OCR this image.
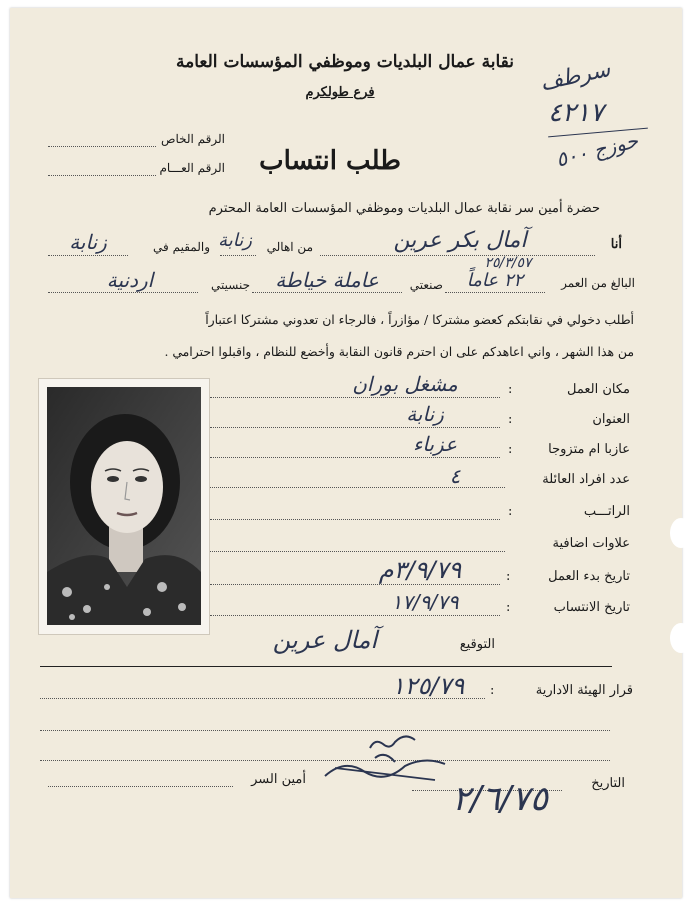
نقابة عمال البلديات وموظفي المؤسسات العامة
فرع طولكرم	سرطف
٤٢١٧
حوزج ٥٠٠
الرقم الخاص
الرقم العـــام طلب انتساب
حضرة أمين سر نقابة عمال البلديات وموظفي المؤسسات العامة المحترم
أنا
آمال بكر عرين
من اهالي
زنابة
والمقيم في
زنابة
البالغ من العمر
٢٥/٣/٥٧
٢٢ عاماً
صنعتي
عاملة خياطة
جنسيتي
اردنية
أطلب دخولي في نقابتكم كعضو مشتركا / مؤازراً ، فالرجاء ان تعدوني مشتركا اعتباراً
من هذا الشهر ، واني اعاهدكم على ان احترم قانون النقابة وأخضع للنظام ، واقبلوا احترامي .
مكان العمل
:
مشغل بوران
العنوان
:
زنابة
عازبا ام متزوجا
:
عزباء
عدد افراد العائلة
٤
الراتـــب
:
علاوات اضافية
تاريخ بدء العمل
:
٣/٩/٧٩م
تاريخ الانتساب
:
١٧/٩/٧٩
التوقيع
آمال عرين
قرار الهيئة الادارية
:
١٢٥/٧٩
التاريخ
٢/٦/٧٥
أمين السر
